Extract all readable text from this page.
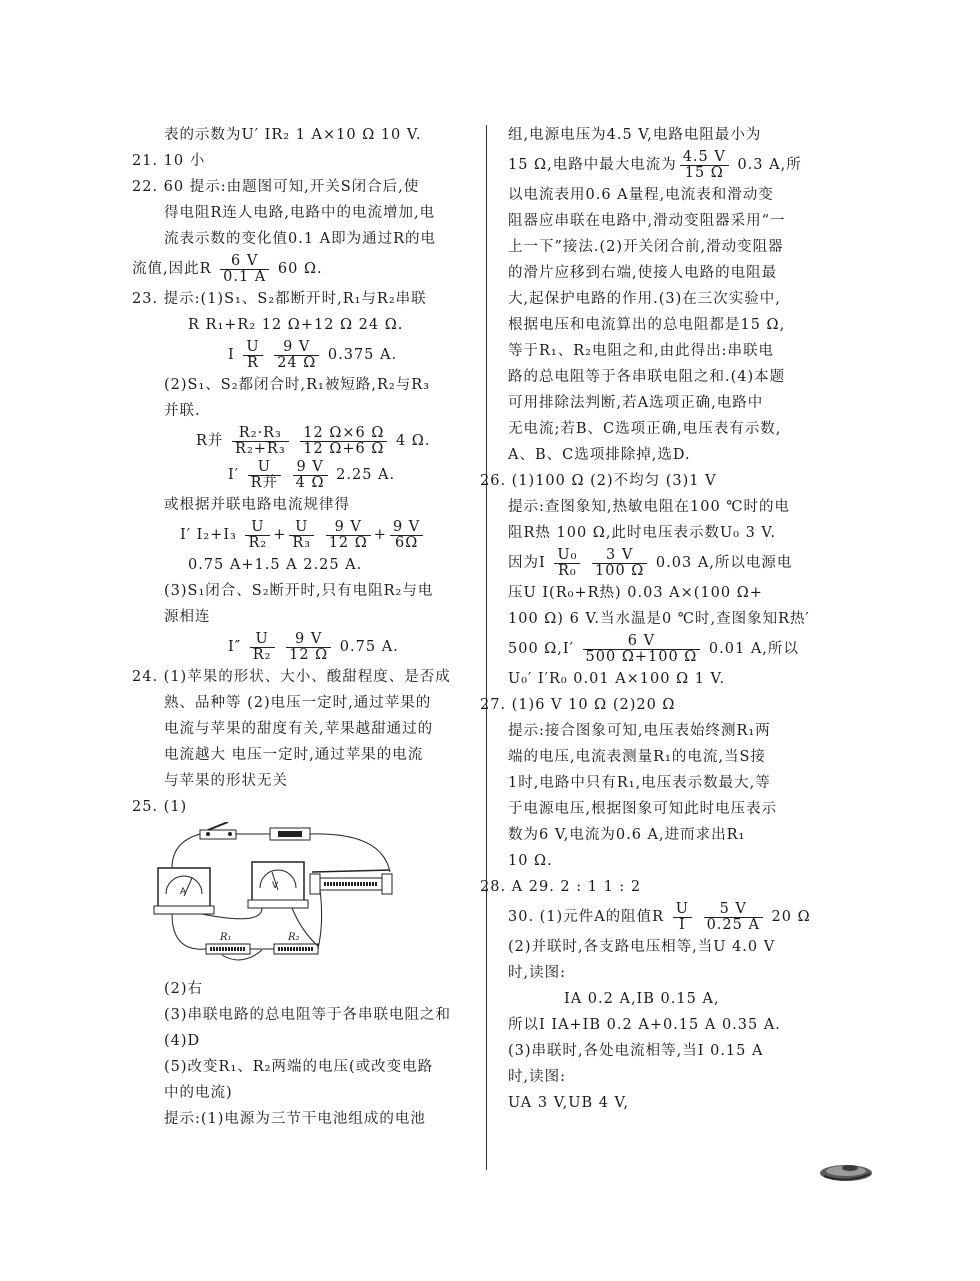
表的示数为U′ IR₂ 1 A×10 Ω 10 V.
21. 10 小
22. 60 提示:由题图可知,开关S闭合后,使
得电阻R连人电路,电路中的电流增加,电
流表示数的变化值0.1 A即为通过R的电
流值,因此R $\frac{6 V}{0.1 A} 60$ Ω.
23. 提示:(1)S₁、S₂都断开时,R₁与R₂串联
R R₁+R₂ 12 Ω+12 Ω 24 Ω.
I $\frac{U}{R}$
$\frac{9 V}{24 \Omega} 0.375$ A.
(2)S₁、S₂都闭合时,R₁被短路,R₂与R₃
并联.
R并 $\frac{\text{R₂·R₃}}{\text{R₂+R₃}}$
$\frac{12 \Omega\times 6 \Omega}{12 \Omega+6 \Omega} 4$ Ω.
$I' \frac{U}{\text{R并}}$
$\frac{9 V}{4 \Omega} 2.25$ A.
或根据并联电路电流规律得
I′ $I_2+I_3 \frac{U}{\text{R₂}} + \frac{U}{\text{R₃}}$
$\frac{9 V}{12 \Omega} + \frac{9 V}{6\Omega}$
0.75 A+1.5 A 2.25 A.
(3)S₁闭合、S₂断开时,只有电阻R₂与电
源相连
$I'' \frac{U}{\text{R₂}}$
$\frac{9 V}{12 \Omega} 0.75$ A.
24. (1)苹果的形状、大小、酸甜程度、是否成
熟、品种等 (2)电压一定时,通过苹果的
电流与苹果的甜度有关,苹果越甜通过的
电流越大 电压一定时,通过苹果的电流
与苹果的形状无关
25. (1)
A
V
R₁	R₂
(2)右
(3)串联电路的总电阻等于各串联电阻之和
(4)D
(5)改变R₁、R₂两端的电压(或改变电路
中的电流)
提示:(1)电源为三节干电池组成的电池
组,电源电压为4.5 V,电路电阻最小为
15 Ω,电路中最大电流为 $\frac{4.5 V}{15 \Omega} 0.3$ A,所
以电流表用0.6 A量程,电流表和滑动变
阻器应串联在电路中,滑动变阻器采用“一
上一下”接法.(2)开关闭合前,滑动变阻器
的滑片应移到右端,使接人电路的电阻最
大,起保护电路的作用.(3)在三次实验中,
根据电压和电流算出的总电阻都是15 Ω,
等于R₁、R₂电阻之和,由此得出:串联电
路的总电阻等于各串联电阻之和.(4)本题
可用排除法判断,若A选项正确,电路中
无电流;若B、C选项正确,电压表有示数,
A、B、C选项排除掉,选D.
26. (1)100 Ω (2)不均匀 (3)1 V
提示:查图象知,热敏电阻在100 ℃时的电
阻R热 100 Ω,此时电压表示数U₀ 3 V.
因为I $\frac{\text{U₀}}{\text{R₀}}$
$\frac{3 V}{100 \Omega} 0.03$ A,所以电源电
压U I(R₀+R热) 0.03 A×(100 Ω+
100 Ω) 6 V.当水温是0 ℃时,查图象知R热′
500 $\Omega,I' \frac{6 V}{500 \Omega+100 \Omega} 0.01$ A,所以
U₀′ I′R₀ 0.01 A×100 Ω 1 V.
27. (1)6 V 10 Ω (2)20 Ω
提示:接合图象可知,电压表始终测R₁两
端的电压,电流表测量R₁的电流,当S接
1时,电路中只有R₁,电压表示数最大,等
于电源电压,根据图象可知此时电压表示
数为6 V,电流为0.6 A,进而求出R₁
10 Ω.
28. A 29. 2 : 1 1 : 2
30. (1)元件A的阻值R $\frac{U}{I}$
$\frac{5 V}{0.25 A} 20$ Ω
(2)并联时,各支路电压相等,当U 4.0 V
时,读图:
IA 0.2 A,IB 0.15 A,
所以I IA+IB 0.2 A+0.15 A 0.35 A.
(3)串联时,各处电流相等,当I 0.15 A
时,读图:
UA 3 V,UB 4 V,
